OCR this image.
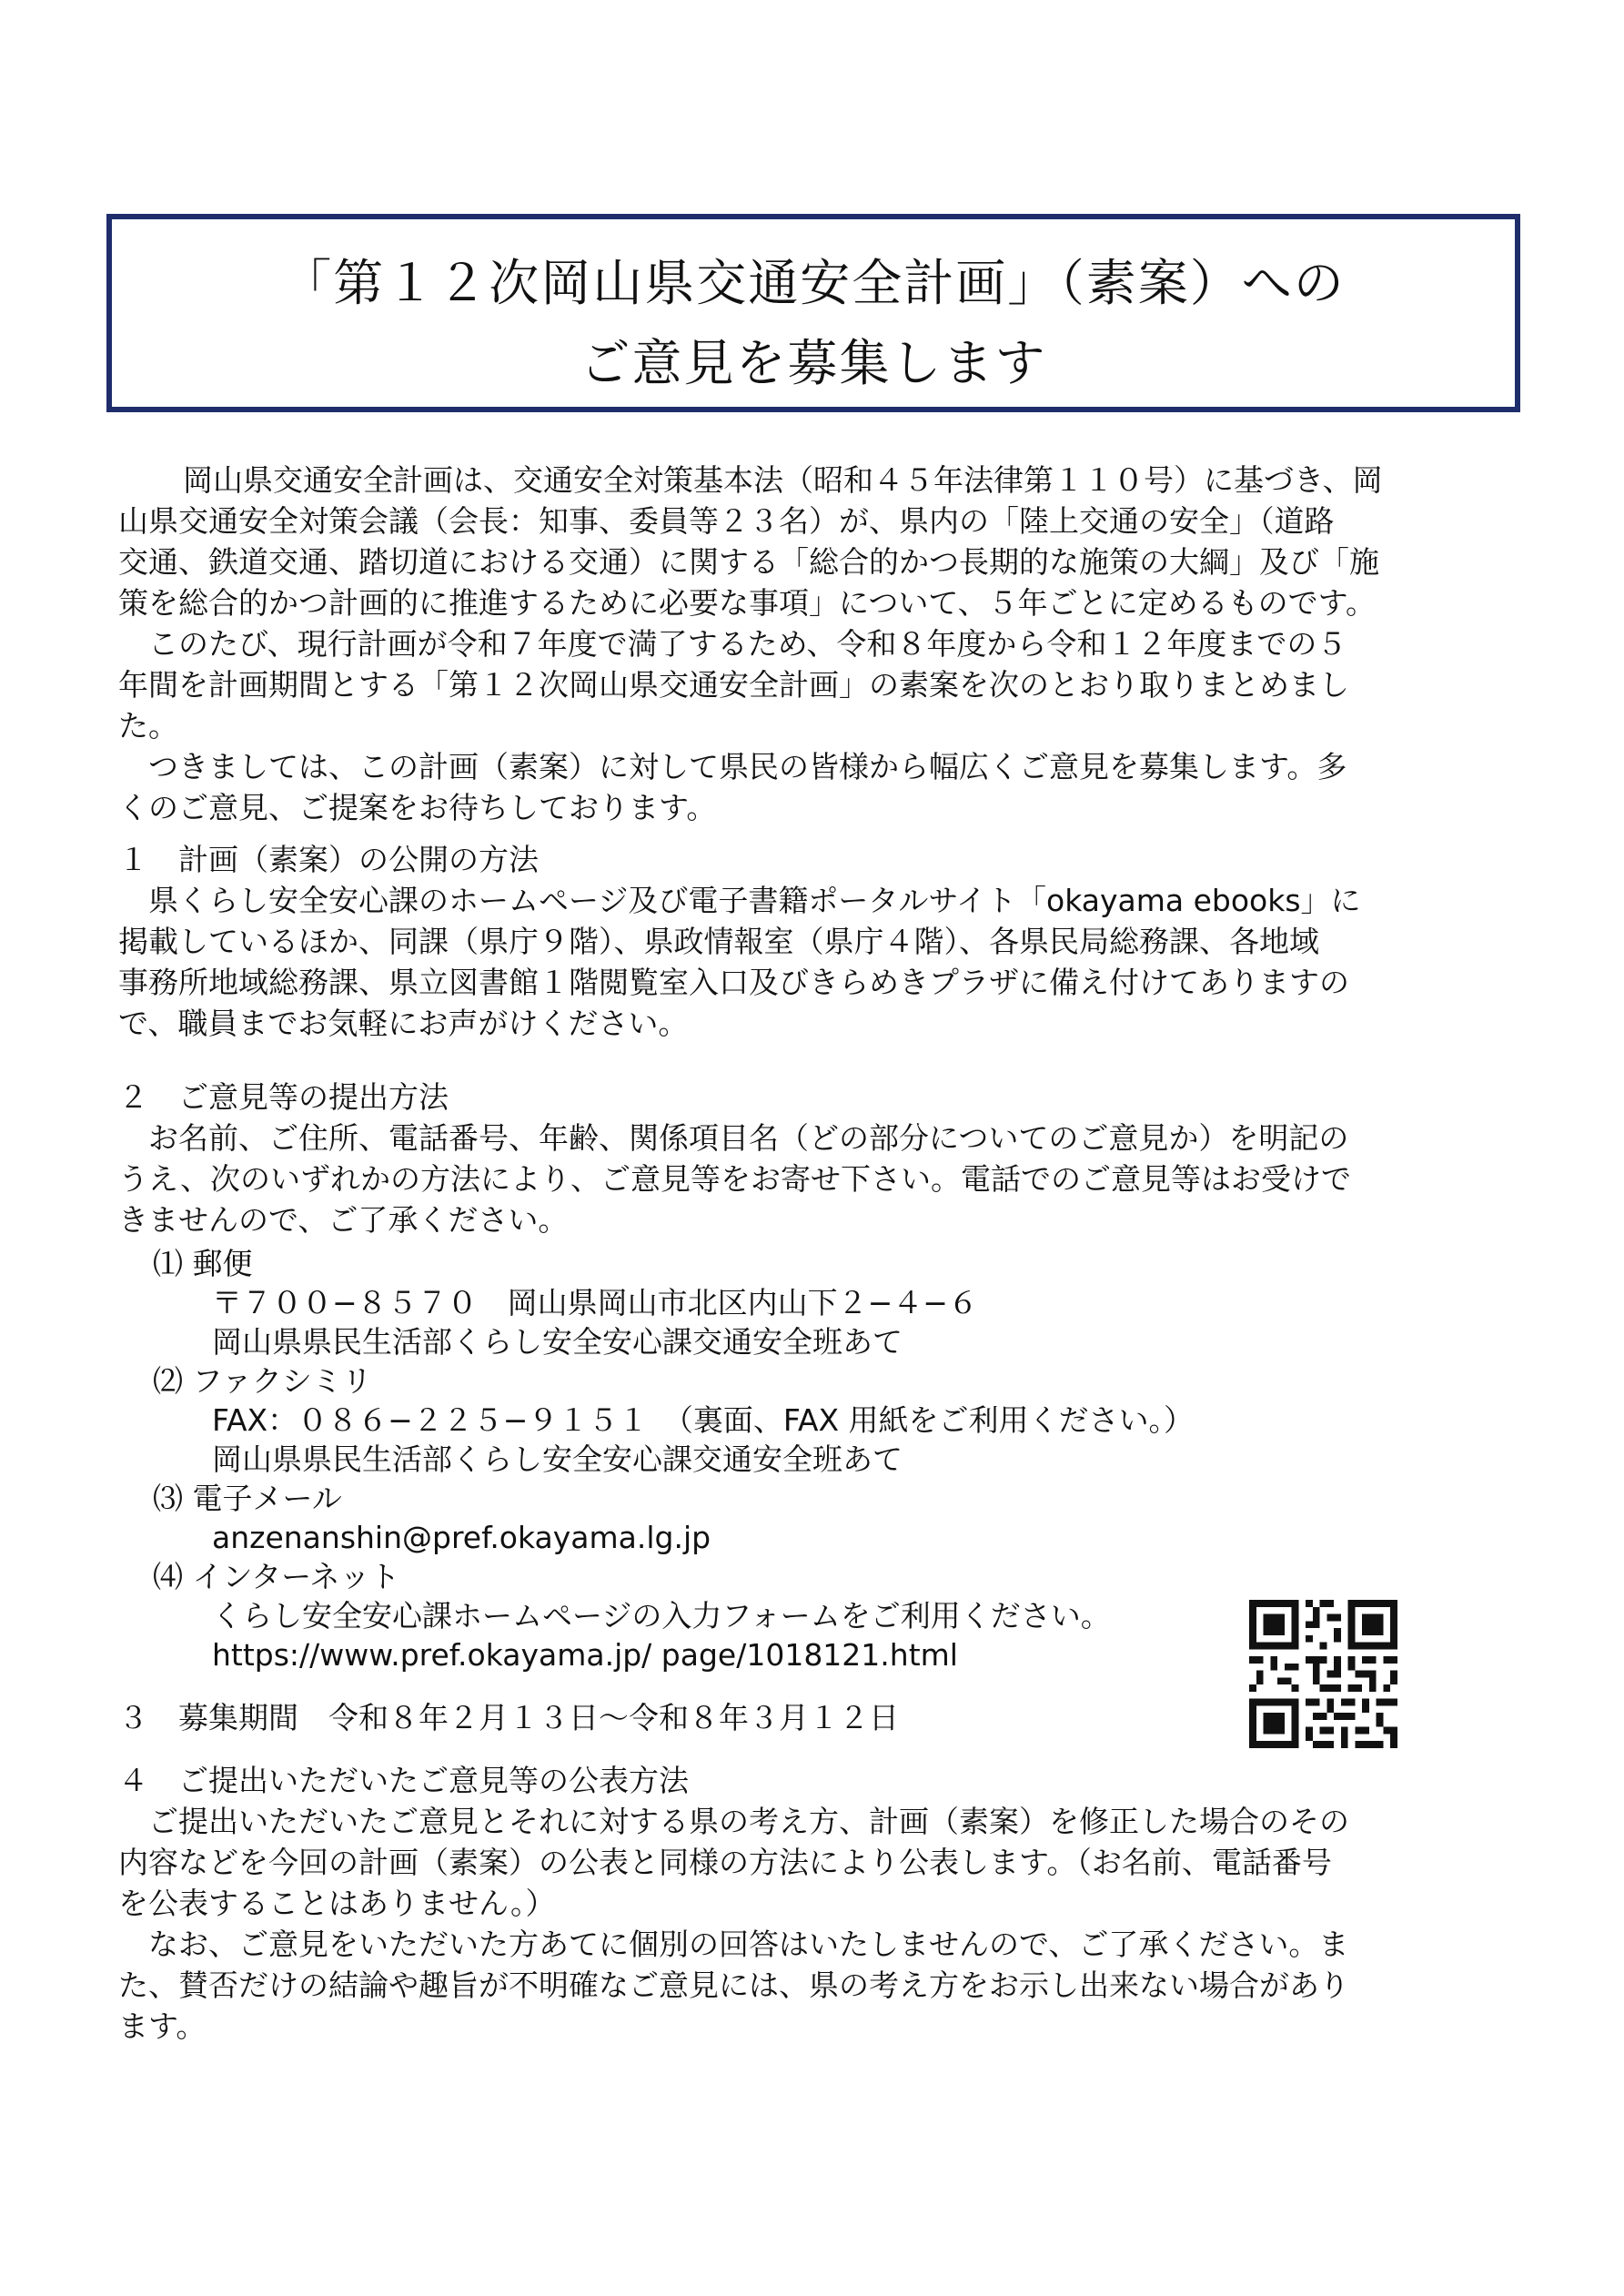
「第１２次岡山県交通安全計画」（素案）への
ご意見を募集します
　岡山県交通安全計画は、交通安全対策基本法（昭和４５年法律第１１０号）に基づき、岡
山県交通安全対策会議（会長：知事、委員等２３名）が、県内の「陸上交通の安全」（道路
交通、鉄道交通、踏切道における交通）に関する「総合的かつ長期的な施策の大綱」及び「施
策を総合的かつ計画的に推進するために必要な事項」について、５年ごとに定めるものです。
　このたび、現行計画が令和７年度で満了するため、令和８年度から令和１２年度までの５
年間を計画期間とする「第１２次岡山県交通安全計画」の素案を次のとおり取りまとめまし
た。
　つきましては、この計画（素案）に対して県民の皆様から幅広くご意見を募集します。多
くのご意見、ご提案をお待ちしております。
１　計画（素案）の公開の方法
　県くらし安全安心課のホームページ及び電子書籍ポータルサイト「okayama ebooks」に
掲載しているほか、同課（県庁９階）、県政情報室（県庁４階）、各県民局総務課、各地域
事務所地域総務課、県立図書館１階閲覧室入口及びきらめきプラザに備え付けてありますの
で、職員までお気軽にお声がけください。
２　ご意見等の提出方法
　お名前、ご住所、電話番号、年齢、関係項目名（どの部分についてのご意見か）を明記の
うえ、次のいずれかの方法により、ご意見等をお寄せ下さい。電話でのご意見等はお受けで
きませんので、ご了承ください。
⑴ 郵便
〒７００−８５７０　岡山県岡山市北区内山下２−４−６
岡山県県民生活部くらし安全安心課交通安全班あて
⑵ ファクシミリ
FAX：０８６−２２５−９１５１　（裏面、FAX 用紙をご利用ください。）
岡山県県民生活部くらし安全安心課交通安全班あて
⑶ 電子メール
anzenanshin@pref.okayama.lg.jp
⑷ インターネット
くらし安全安心課ホームページの入力フォームをご利用ください。
https://www.pref.okayama.jp/ page/1018121.html
３　募集期間　令和８年２月１３日〜令和８年３月１２日
４　ご提出いただいたご意見等の公表方法
　ご提出いただいたご意見とそれに対する県の考え方、計画（素案）を修正した場合のその
内容などを今回の計画（素案）の公表と同様の方法により公表します。（お名前、電話番号
を公表することはありません。）
　なお、ご意見をいただいた方あてに個別の回答はいたしませんので、ご了承ください。ま
た、賛否だけの結論や趣旨が不明確なご意見には、県の考え方をお示し出来ない場合があり
ます。
